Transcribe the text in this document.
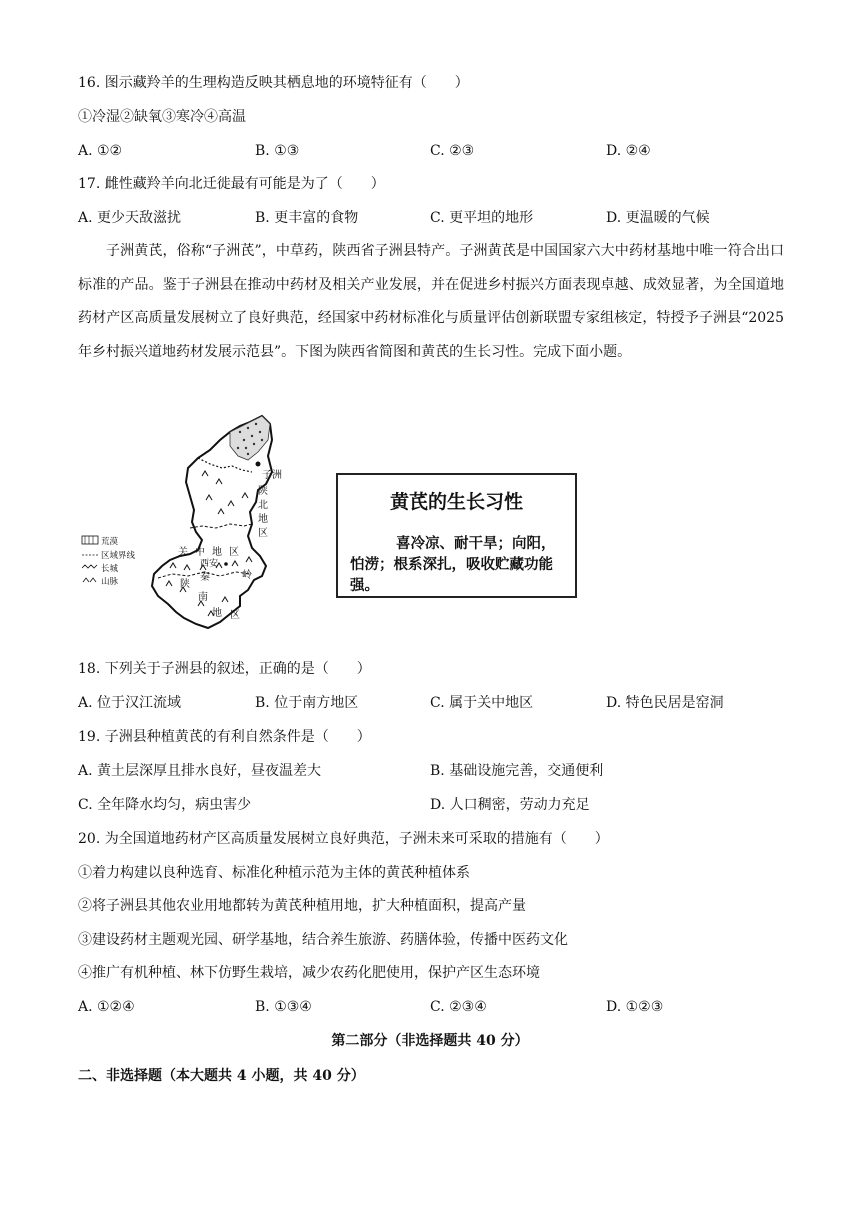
16. 图示藏羚羊的生理构造反映其栖息地的环境特征有（　　）
①冷湿②缺氧③寒冷④高温
A. ①②	B. ①③	C. ②③	D. ②④
17. 雌性藏羚羊向北迁徙最有可能是为了（　　）
A. 更少天敌滋扰	B. 更丰富的食物	C. 更平坦的地形	D. 更温暖的气候
子洲黄芪，俗称“子洲芪”，中草药，陕西省子洲县特产。子洲黄芪是中国国家六大中药材基地中唯一符合出口标准的产品。鉴于子洲县在推动中药材及相关产业发展，并在促进乡村振兴方面表现卓越、成效显著，为全国道地药材产区高质量发展树立了良好典范，经国家中药材标准化与质量评估创新联盟专家组核定，特授予子洲县“2025年乡村振兴道地药材发展示范县”。下图为陕西省简图和黄芪的生长习性。完成下面小题。
子洲
陕
北
地
区
关中地区
西安
秦	岭
陕
南
地 区
荒漠
区域界线
长城
山脉
黄芪的生长习性
喜冷凉、耐干旱；向阳，怕涝；根系深扎，吸收贮藏功能强。
18. 下列关于子洲县的叙述，正确的是（　　）
A. 位于汉江流域	B. 位于南方地区	C. 属于关中地区	D. 特色民居是窑洞
19. 子洲县种植黄芪的有利自然条件是（　　）
A. 黄土层深厚且排水良好，昼夜温差大	B. 基础设施完善，交通便利
C. 全年降水均匀，病虫害少	D. 人口稠密，劳动力充足
20. 为全国道地药材产区高质量发展树立良好典范，子洲未来可采取的措施有（　　）
①着力构建以良种选育、标准化种植示范为主体的黄芪种植体系
②将子洲县其他农业用地都转为黄芪种植用地，扩大种植面积，提高产量
③建设药材主题观光园、研学基地，结合养生旅游、药膳体验，传播中医药文化
④推广有机种植、林下仿野生栽培，减少农药化肥使用，保护产区生态环境
A. ①②④	B. ①③④	C. ②③④	D. ①②③
第二部分（非选择题共 40 分）
二、非选择题（本大题共 4 小题，共 40 分）
